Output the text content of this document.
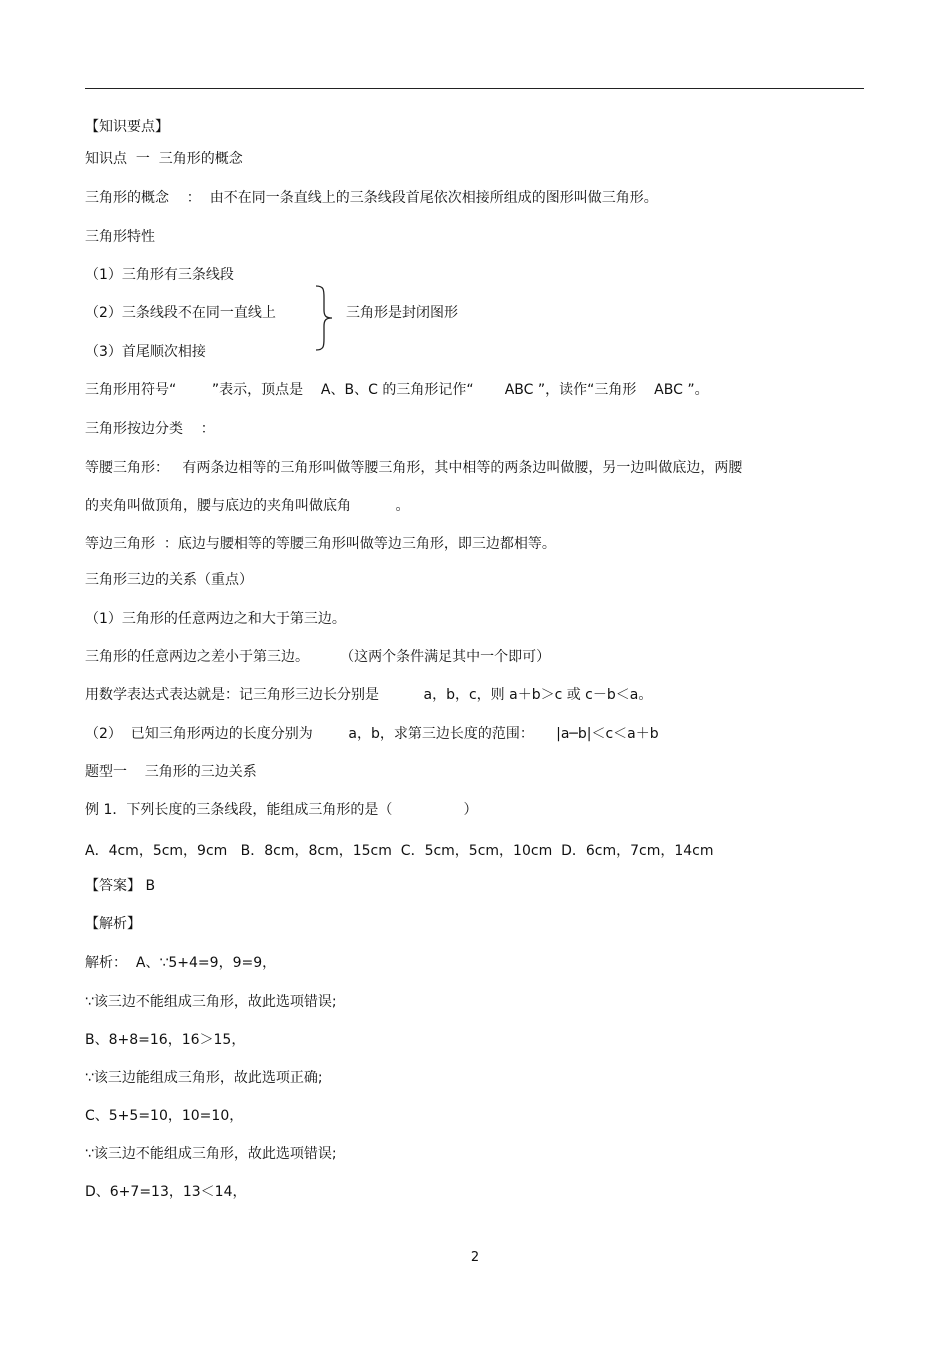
【知识要点】
知识点  一  三角形的概念
三角形的概念    ：  由不在同一条直线上的三条线段首尾依次相接所组成的图形叫做三角形。
三角形特性
（1）三角形有三条线段
（2）三条线段不在同一直线上
（3）首尾顺次相接
三角形是封闭图形
三角形用符号“        ”表示，顶点是    A、B、C 的三角形记作“       ABC ”，读作“三角形    ABC ”。
三角形按边分类    ：
等腰三角形：   有两条边相等的三角形叫做等腰三角形，其中相等的两条边叫做腰，另一边叫做底边，两腰
的夹角叫做顶角，腰与底边的夹角叫做底角          。
等边三角形  ：底边与腰相等的等腰三角形叫做等边三角形，即三边都相等。
三角形三边的关系（重点）
（1）三角形的任意两边之和大于第三边。
三角形的任意两边之差小于第三边。       （这两个条件满足其中一个即可）
用数学表达式表达就是：记三角形三边长分别是          a，b，c，则 a＋b＞c 或 c－b＜a。
（2）  已知三角形两边的长度分别为        a，b，求第三边长度的范围：     |a─b|＜c＜a＋b
题型一    三角形的三边关系
例 1．下列长度的三条线段，能组成三角形的是（                ）
A．4cm，5cm，9cm   B．8cm，8cm，15cm  C．5cm，5cm，10cm  D．6cm，7cm，14cm
【答案】 B
【解析】
解析：  A、∵5+4=9，9=9，
∵该三边不能组成三角形，故此选项错误;
B、8+8=16，16＞15，
∵该三边能组成三角形，故此选项正确;
C、5+5=10，10=10，
∵该三边不能组成三角形，故此选项错误;
D、6+7=13，13＜14，
2
